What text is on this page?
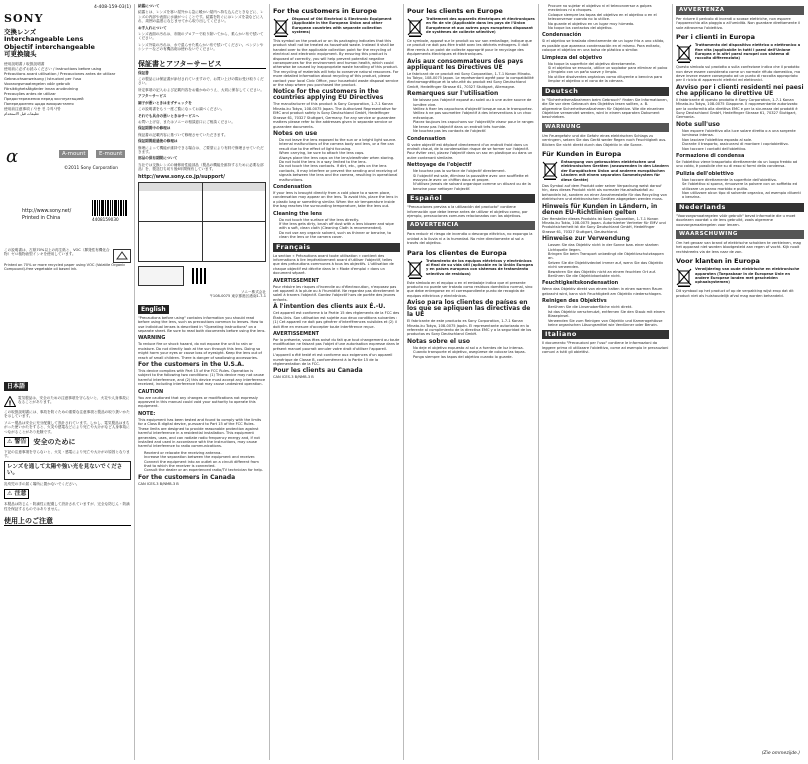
4-408-159-03(1)
SONY
交換レンズ
Interchangeable Lens
Objectif interchangeable
可更换镜头
使用説明書 / 取扱説明書
使用前に必ずお読みください / Instructions before using
Précautions avant utilisation / Precauciones antes de utilizar
Gebrauchsanweisung / Istruzioni per l'uso
Voorzorgsmaatregelen vóór gebruik
Försiktighetsåtgärder innan användning
Precauções antes de utilizar
Предостережения перед эксплуатацией
Попередження щодо використання
使用前注意事项 / 사용 전 주의사항
تعليمات قبل الاستخدام
α	A-mount	E-mount
©2011 Sony Corporation
http://www.sony.net/
Printed in China	4408159030
この説明書は、古紙70%以上の再生紙と、VOC（揮発性有機化合物）ゼロ植物油型インキを使用しています。
Printed on 70% or more recycled paper using VOC (Volatile Organic Compound)-free vegetable oil based ink.
日本語
!
電気製品は、安全のための注意事項を守らないと、火災や人身事故になることがあります。

この取扱説明書には、事故を防ぐための重要な注意事項と製品の取り扱いかたを示しています。

ソニー製品は安全に充分配慮して設計されています。しかし、電気製品はまちがった使いかたをすると、火災や感電などにより死亡や大けがなど人身事故につながることがあり危険です。

⚠ 警告	安全のために

下記の注意事項を守らないと、火災・感電により死亡や大けがの原因となります。

レンズを通して太陽や強い光を見ないでください。

乳幼児の手の届く場所に置かないでください。

⚠ 注意

本製品は防じん・防滴性に配慮して設計されていますが、完全な防じん・防滴性を保証するものではありません。

使用上のご注意

結露について

結露とは、レンズを寒い屋外から急に暖かい屋内へ持ち込んだときなどに、レンズの内部や表面に水滴がつくことです。結露を防ぐにはレンズを袋などに入れ、周囲の温度になじませてから取り出してください。

お手入れについて

レンズ表面の汚れは、市販のブロアーで取り除いてから、柔らかい布で拭いてください。

レンズ外装の汚れは、水で湿らせた柔らかい布で拭いてください。ベンジンやシンナーなどの有機溶剤は使わないでください。

保証書とアフターサービス

保証書

この製品には保証書が添付されていますので、お買い上げの際お受け取りください。

所定事項の記入および記載内容をお確かめのうえ、大切に保存してください。

アフターサービス

調子が悪いときはまずチェックを

この説明書をもう一度ご覧になってお調べください。

それでも具合の悪いときはサービスへ

お買い上げ店、またはソニーの相談窓口にご相談ください。

保証期間中の修理は

保証書の記載内容に基づいて修理させていただきます。

保証期間経過後の修理は

修理によって機能が維持できる場合は、ご要望により有料で修理させていただきます。

部品の保有期間について

当社では交換レンズの補修用性能部品（製品の機能を維持するために必要な部品）を、製造打ち切り後6年間保有しています。

http://www.sony.co.jp/support/
ソニー株式会社
〒108-0075 東京都港区港南1-7-1
English

"Precautions before using" contains information you should read before using the lens, such as precautions common to lenses. How to use individual lenses is described in "Operating instructions" on a separate sheet. Be sure to read both documents before using the lens.

WARNING

To reduce fire or shock hazard, do not expose the unit to rain or moisture. Do not directly look at the sun through this lens. Doing so might harm your eyes or cause loss of eyesight. Keep the lens out of reach of small children. There is danger of swallowing accessories.

For the customers in the U.S.A.

This device complies with Part 15 of the FCC Rules. Operation is subject to the following two conditions: (1) This device may not cause harmful interference, and (2) this device must accept any interference received, including interference that may cause undesired operation.

CAUTION

You are cautioned that any changes or modifications not expressly approved in this manual could void your authority to operate this equipment.

NOTE:

This equipment has been tested and found to comply with the limits for a Class B digital device, pursuant to Part 15 of the FCC Rules. These limits are designed to provide reasonable protection against harmful interference in a residential installation. This equipment generates, uses, and can radiate radio frequency energy and, if not installed and used in accordance with the instructions, may cause harmful interference to radio communications.

• Reorient or relocate the receiving antenna.
• Increase the separation between the equipment and receiver.
• Connect the equipment into an outlet on a circuit different from that to which the receiver is connected.
• Consult the dealer or an experienced radio/TV technician for help.
For the customers in Canada

CAN ICES-3 B/NMB-3 B

For the customers in Europe
Disposal of Old Electrical & Electronic Equipment (Applicable in the European Union and other European countries with separate collection systems)

This symbol on the product or on its packaging indicates that this product shall not be treated as household waste. Instead it shall be handed over to the applicable collection point for the recycling of electrical and electronic equipment. By ensuring this product is disposed of correctly, you will help prevent potential negative consequences for the environment and human health, which could otherwise be caused by inappropriate waste handling of this product. The recycling of materials will help to conserve natural resources. For more detailed information about recycling of this product, please contact your local Civic Office, your household waste disposal service or the shop where you purchased the product.

Notice for the customers in the countries applying EU Directives

The manufacturer of this product is Sony Corporation, 1-7-1 Konan Minato-ku Tokyo, 108-0075 Japan. The Authorized Representative for EMC and product safety is Sony Deutschland GmbH, Hedelfinger Strasse 61, 70327 Stuttgart, Germany. For any service or guarantee matters please refer to the addresses given in separate service or guarantee documents.

Notes on use
• Do not leave the lens exposed to the sun or a bright light source.
• Internal malfunctions of the camera body and lens, or a fire can result due to the effect of light focusing.
• When carrying, be sure to attach the lens caps.
• Always place the lens caps on the lens/viewfinder when storing.
• Do not hold the lens in a way limited to the lens.
• Do not touch the lens contacts. If dirt, etc., gets on the lens contacts, it may interfere or prevent the sending and receiving of signals between the lens and the camera, resulting in operational malfunctions.
Condensation

If your lens is brought directly from a cold place to a warm place, condensation may appear on the lens. To avoid this, place the lens in a plastic bag or something similar. When the air temperature inside the bag reaches the surrounding temperature, take the lens out.

Cleaning the lens
• Do not touch the surface of the lens directly.
• If the lens gets dirty, brush off dust with a lens blower and wipe with a soft, clean cloth (Cleaning Cloth is recommended).
• Do not use any organic solvent, such as thinner or benzine, to clean the lens or the camera cover.
Français

La section « Précautions avant toute utilisation » contient des informations à lire impérativement avant d'utiliser l'objectif, telles que des précautions communes à tous les objectifs. L'utilisation de chaque objectif est décrite dans le « Mode d'emploi » dans un document séparé.

AVERTISSEMENT

Pour réduire les risques d'incendie ou d'électrocution, n'exposez pas cet appareil à la pluie ou à l'humidité. Ne regardez pas directement le soleil à travers l'objectif. Gardez l'objectif hors de portée des jeunes enfants.

À l'intention des clients aux É.-U.

Cet appareil est conforme à la Partie 15 des règlements de la FCC des États-Unis. Son utilisation est sujette aux deux conditions suivantes : (1) Cet appareil ne doit pas générer d'interférences nuisibles et (2) il doit être en mesure d'accepter toute interférence reçue.

AVERTISSEMENT

Par la présente, vous êtes avisé du fait que tout changement ou toute modification ne faisant pas l'objet d'une autorisation expresse dans le présent manuel pourrait annuler votre droit d'utiliser l'appareil.

L'appareil a été testé et est conforme aux exigences d'un appareil numérique de Classe B, conformément à la Partie 15 de la réglementation de la FCC.

Pour les clients au Canada

CAN ICES-3 B/NMB-3 B

Pour les clients en Europe
Traitement des appareils électriques et électroniques en fin de vie (Applicable dans les pays de l'Union Européenne et aux autres pays européens disposant de systèmes de collecte sélective)

Ce symbole, apposé sur le produit ou sur son emballage, indique que ce produit ne doit pas être traité avec les déchets ménagers. Il doit être remis à un point de collecte approprié pour le recyclage des équipements électriques et électroniques.

Avis aux consommateurs des pays appliquant les Directives UE

Le fabricant de ce produit est Sony Corporation, 1-7-1 Konan Minato-ku Tokyo, 108-0075 Japon. Le représentant agréé pour la compatibilité électromagnétique et la sécurité du produit est Sony Deutschland GmbH, Hedelfinger Strasse 61, 70327 Stuttgart, Allemagne.

Remarques sur l'utilisation
• Ne laissez pas l'objectif exposé au soleil ou à une autre source de lumière vive.
• Veillez à fixer les capuchons d'objectif lorsque vous le transportez.
• Veillez à ne pas soumettre l'objectif à des interventions à un choc mécanique.
• Placez toujours les capuchons sur l'objectif/le viseur pour le ranger.
• Ne tenez pas l'objectif dans un endroit très humide.
• Ne touchez pas les contacts de l'objectif.
Condensation

Si votre objectif est déplacé directement d'un endroit froid dans un endroit chaud, de la condensation risque de se former sur l'objectif. Pour éviter ceci, placez l'objectif dans un sac en plastique ou dans un autre contenant similaire.

Nettoyage de l'objectif
• Ne touchez pas la surface de l'objectif directement.
• Si l'objectif est sale, éliminez la poussière avec une soufflette et essuyez-le avec un chiffon doux et propre.
• N'utilisez jamais de solvant organique comme un diluant ou de la benzine pour nettoyer l'objectif.
Español

"Precauciones previas a la utilización del producto" contiene información que debe leerse antes de utilizar el objetivo como, por ejemplo, precauciones comunes relacionadas con los objetivos.

ADVERTENCIA

Para reducir el riesgo de incendio o descarga eléctrica, no exponga la unidad a la lluvia ni a la humedad. No mire directamente al sol a través del objetivo.

Para los clientes de Europa
Tratamiento de los equipos eléctricos y electrónicos al final de su vida útil (aplicable en la Unión Europea y en países europeos con sistemas de tratamiento selectivo de residuos)

Este símbolo en el equipo o en el embalaje indica que el presente producto no puede ser tratado como residuos doméstico normal, sino que debe entregarse en el correspondiente punto de recogida de equipos eléctricos y electrónicos.

Aviso para los clientes de países en los que se apliquen las directivas de la UE

El fabricante de este producto es Sony Corporation, 1-7-1 Konan Minato-ku Tokyo, 108-0075 Japón. El representante autorizado en lo referente al cumplimiento de la directiva EMC y a la seguridad de los productos es Sony Deutschland GmbH.

Notas sobre el uso
• No deje el objetivo expuesto al sol o a fuentes de luz intensa.
• Cuando transporte el objetivo, asegúrese de colocar las tapas.
• Ponga siempre las tapas del objetivo cuando lo guarde.
• Procure no sujetar el objetivo ni el teleconversor a golpes mecánicos ni a choques.
• Coloque siempre las tapas del objetivo en el objetivo o en el teleconversor cuando no lo utilice.
• No guarde el objetivo en un lugar muy húmedo.
• No toque los contactos del objetivo.
Condensación

Si el objetivo se traslada directamente de un lugar frío a uno cálido, es posible que aparezca condensación en el mismo. Para evitarlo, coloque el objetivo en una bolsa de plástico o similar.

Limpieza del objetivo
• No toque la superficie del objetivo directamente.
• Si el objetivo se ensucia, utilice un soplador para eliminar el polvo y límpielo con un paño suave y limpio.
• No utilice disolventes orgánicos como diluyente o bencina para limpiar el objetivo o el cono de la cámara.
Deutsch

In "Sicherheitsmaßnahmen beim Gebrauch" finden Sie Informationen, die Sie vor dem Gebrauch des Objektivs lesen sollten, z. B. allgemeine Sicherheitsmaßnahmen für Objektive. Wie die einzelnen Objektive verwendet werden, wird in einem separaten Dokument beschrieben.

WARNUNG

Um Feuergefahr und die Gefahr eines elektrischen Schlags zu verringern, setzen Sie das Gerät weder Regen noch Feuchtigkeit aus. Blicken Sie nicht direkt durch das Objektiv in die Sonne.

Für Kunden in Europa
Entsorgung von gebrauchten elektrischen und elektronischen Geräten (anzuwenden in den Ländern der Europäischen Union und anderen europäischen Ländern mit einem separaten Sammelsystem für diese Geräte)

Das Symbol auf dem Produkt oder seiner Verpackung weist darauf hin, dass dieses Produkt nicht als normaler Haushaltsabfall zu behandeln ist, sondern an einer Annahmestelle für das Recycling von elektrischen und elektronischen Geräten abgegeben werden muss.

Hinweis für Kunden in Ländern, in denen EU-Richtlinien gelten

Der Hersteller dieses Produkts ist Sony Corporation, 1-7-1 Konan Minato-ku Tokio, 108-0075 Japan. Autorisierter Vertreter für EMV und Produktsicherheit ist die Sony Deutschland GmbH, Hedelfinger Strasse 61, 70327 Stuttgart, Deutschland.

Hinweise zur Verwendung
• Lassen Sie das Objektiv nicht in der Sonne bzw. einer starken Lichtquelle liegen.
• Bringen Sie beim Transport unbedingt die Objektivschutzkappen an.
• Setzen Sie die Objektivdeckel immer auf, wenn Sie das Objektiv nicht verwenden.
• Bewahren Sie das Objektiv nicht an einem feuchten Ort auf.
• Berühren Sie die Objektivkontakte nicht.
Feuchtigkeitskondensation

Wenn das Objektiv direkt von einem kalten in einen warmen Raum gebracht wird, kann sich Feuchtigkeit am Objektiv niederschlagen.

Reinigen des Objektivs
• Berühren Sie die Linsenoberfläche nicht direkt.
• Ist das Objektiv verschmutzt, entfernen Sie den Staub mit einem Blasepinsel.
• Verwenden Sie zum Reinigen von Objektiv und Kameragehäuse keine organischen Lösungsmittel wie Verdünner oder Benzin.
Italiano

Il documento "Precauzioni per l'uso" contiene le informazioni da leggere prima di utilizzare l'obiettivo, come ad esempio le precauzioni comuni a tutti gli obiettivi.

AVVERTENZA

Per ridurre il pericolo di incendi o scosse elettriche, non esporre l'apparecchio alla pioggia o all'umidità. Non guardare direttamente il sole attraverso l'obiettivo.

Per i clienti in Europa
Trattamento del dispositivo elettrico o elettronico a fine vita (applicabile in tutti i paesi dell'Unione Europea e in altri paesi europei con sistema di raccolta differenziata)

Questo simbolo sul prodotto o sulla confezione indica che il prodotto non deve essere considerato come un normale rifiuto domestico, ma deve invece essere consegnato ad un punto di raccolta appropriato per il riciclo di apparecchi elettrici ed elettronici.

Avviso per i clienti residenti nei paesi che applicano le direttive UE

Il fabbricante di questo prodotto è Sony Corporation, 1-7-1 Konan Minato-ku Tokyo, 108-0075 Giappone. Il rappresentante autorizzato per la conformità alla direttiva EMC e per la sicurezza dei prodotti è Sony Deutschland GmbH, Hedelfinger Strasse 61, 70327 Stuttgart, Germania.

Note sull'uso
• Non esporre l'obiettivo alla luce solare diretta o a una sorgente luminosa intensa.
• Non lasciare l'obiettivo esposto al sole.
• Durante il trasporto, assicurarsi di montare i copriobiettivo.
• Non toccare i contatti dell'obiettivo.
Formazione di condensa

Se l'obiettivo viene trasportato direttamente da un luogo freddo ad uno caldo, è possibile che su di esso si formi della condensa.

Pulizia dell'obiettivo
• Non toccare direttamente la superficie dell'obiettivo.
• Se l'obiettivo si sporca, rimuovere la polvere con un soffietto ed utilizzare un panno morbido e pulito.
• Non utilizzare alcun tipo di solvente organico, ad esempio diluenti o benzina.
Nederlands

"Voorzorgsmaatregelen vóór gebruik" bevat informatie die u moet doorlezen voordat u de lens gebruikt, zoals algemene voorzorgsmaatregelen voor lenzen.

WAARSCHUWING

Om het gevaar van brand of elektrische schokken te verkleinen, mag het apparaat niet worden blootgesteld aan regen of vocht. Kijk nooit rechtstreeks via de lens naar de zon.

Voor klanten in Europa
Verwijdering van oude elektrische en elektronische apparaten (Toepasbaar in de Europese Unie en andere Europese landen met gescheiden ophaalsystemen)

Dit symbool op het product of op de verpakking wijst erop dat dit product niet als huishoudelijk afval mag worden behandeld.

(Zie ommezijde.)
